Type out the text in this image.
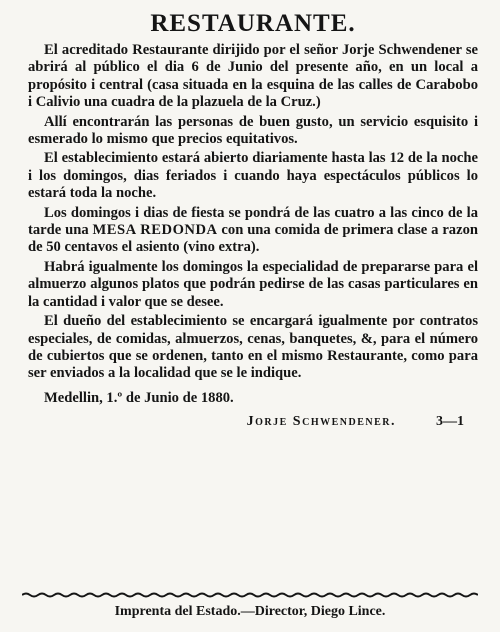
RESTAURANTE.

El acreditado Restaurante dirijido por el señor Jorje Schwendener se abrirá al público el dia 6 de Junio del presente año, en un local a propósito i central (casa situada en la esquina de las calles de Carabobo i Calivio una cuadra de la plazuela de la Cruz.)

Allí encontrarán las personas de buen gusto, un servicio esquisito i esmerado lo mismo que precios equitativos.

El establecimiento estará abierto diariamente hasta las 12 de la noche i los domingos, dias feriados i cuando haya espectáculos públicos lo estará toda la noche.

Los domingos i dias de fiesta se pondrá de las cuatro a las cinco de la tarde una MESA REDONDA con una comida de primera clase a razon de 50 centavos el asiento (vino extra).

Habrá igualmente los domingos la especialidad de prepararse para el almuerzo algunos platos que podrán pedirse de las casas particulares en la cantidad i valor que se desee.

El dueño del establecimiento se encargará igualmente por contratos especiales, de comidas, almuerzos, cenas, banquetes, &, para el número de cubiertos que se ordenen, tanto en el mismo Restaurante, como para ser enviados a la localidad que se le indique.

Medellin, 1.º de Junio de 1880.

Jorje Schwendener.	3—1
Imprenta del Estado.—Director, Diego Lince.
